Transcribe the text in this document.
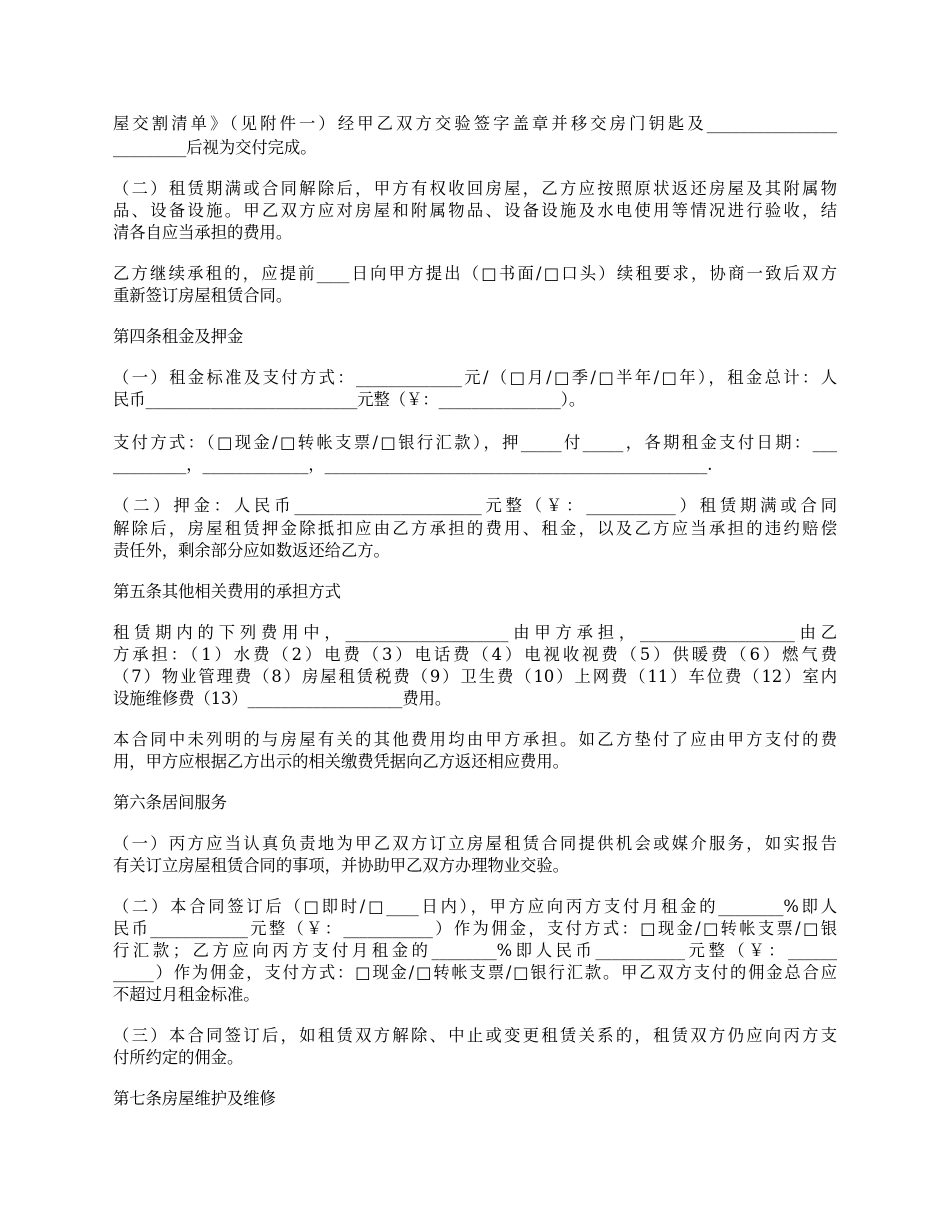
屋交割清单》（见附件一）经甲乙双方交验签字盖章并移交房门钥匙及________________

_________后视为交付完成。

（二）租赁期满或合同解除后，甲方有权收回房屋，乙方应按照原状返还房屋及其附属物

品、设备设施。甲乙双方应对房屋和附属物品、设备设施及水电使用等情况进行验收，结

清各自应当承担的费用。

乙方继续承租的，应提前____日向甲方提出（□书面/□口头）续租要求，协商一致后双方

重新签订房屋租赁合同。

第四条租金及押金

（一）租金标准及支付方式：_____________元/（□月/□季/□半年/□年），租金总计：人

民币__________________________元整（￥：_______________）。

支付方式：（□现金/□转帐支票/□银行汇款），押_____付_____，各期租金支付日期：___

_________，_____________，_______________________________________________.

（二）押金：人民币_______________________元整（￥：___________）租赁期满或合同

解除后，房屋租赁押金除抵扣应由乙方承担的费用、租金，以及乙方应当承担的违约赔偿

责任外，剩余部分应如数返还给乙方。

第五条其他相关费用的承担方式

租赁期内的下列费用中，____________________由甲方承担，___________________由乙

方承担：（1）水费（2）电费（3）电话费（4）电视收视费（5）供暖费（6）燃气费

（7）物业管理费（8）房屋租赁税费（9）卫生费（10）上网费（11）车位费（12）室内

设施维修费（13）___________________费用。

本合同中未列明的与房屋有关的其他费用均由甲方承担。如乙方垫付了应由甲方支付的费

用，甲方应根据乙方出示的相关缴费凭据向乙方返还相应费用。

第六条居间服务

（一）丙方应当认真负责地为甲乙双方订立房屋租赁合同提供机会或媒介服务，如实报告

有关订立房屋租赁合同的事项，并协助甲乙双方办理物业交验。

（二）本合同签订后（□即时/□____日内），甲方应向丙方支付月租金的________%即人

民币____________元整（￥：___________）作为佣金，支付方式：□现金/□转帐支票/□银

行汇款；乙方应向丙方支付月租金的________%即人民币___________元整（￥：______

_____）作为佣金，支付方式：□现金/□转帐支票/□银行汇款。甲乙双方支付的佣金总合应

不超过月租金标准。

（三）本合同签订后，如租赁双方解除、中止或变更租赁关系的，租赁双方仍应向丙方支

付所约定的佣金。

第七条房屋维护及维修
